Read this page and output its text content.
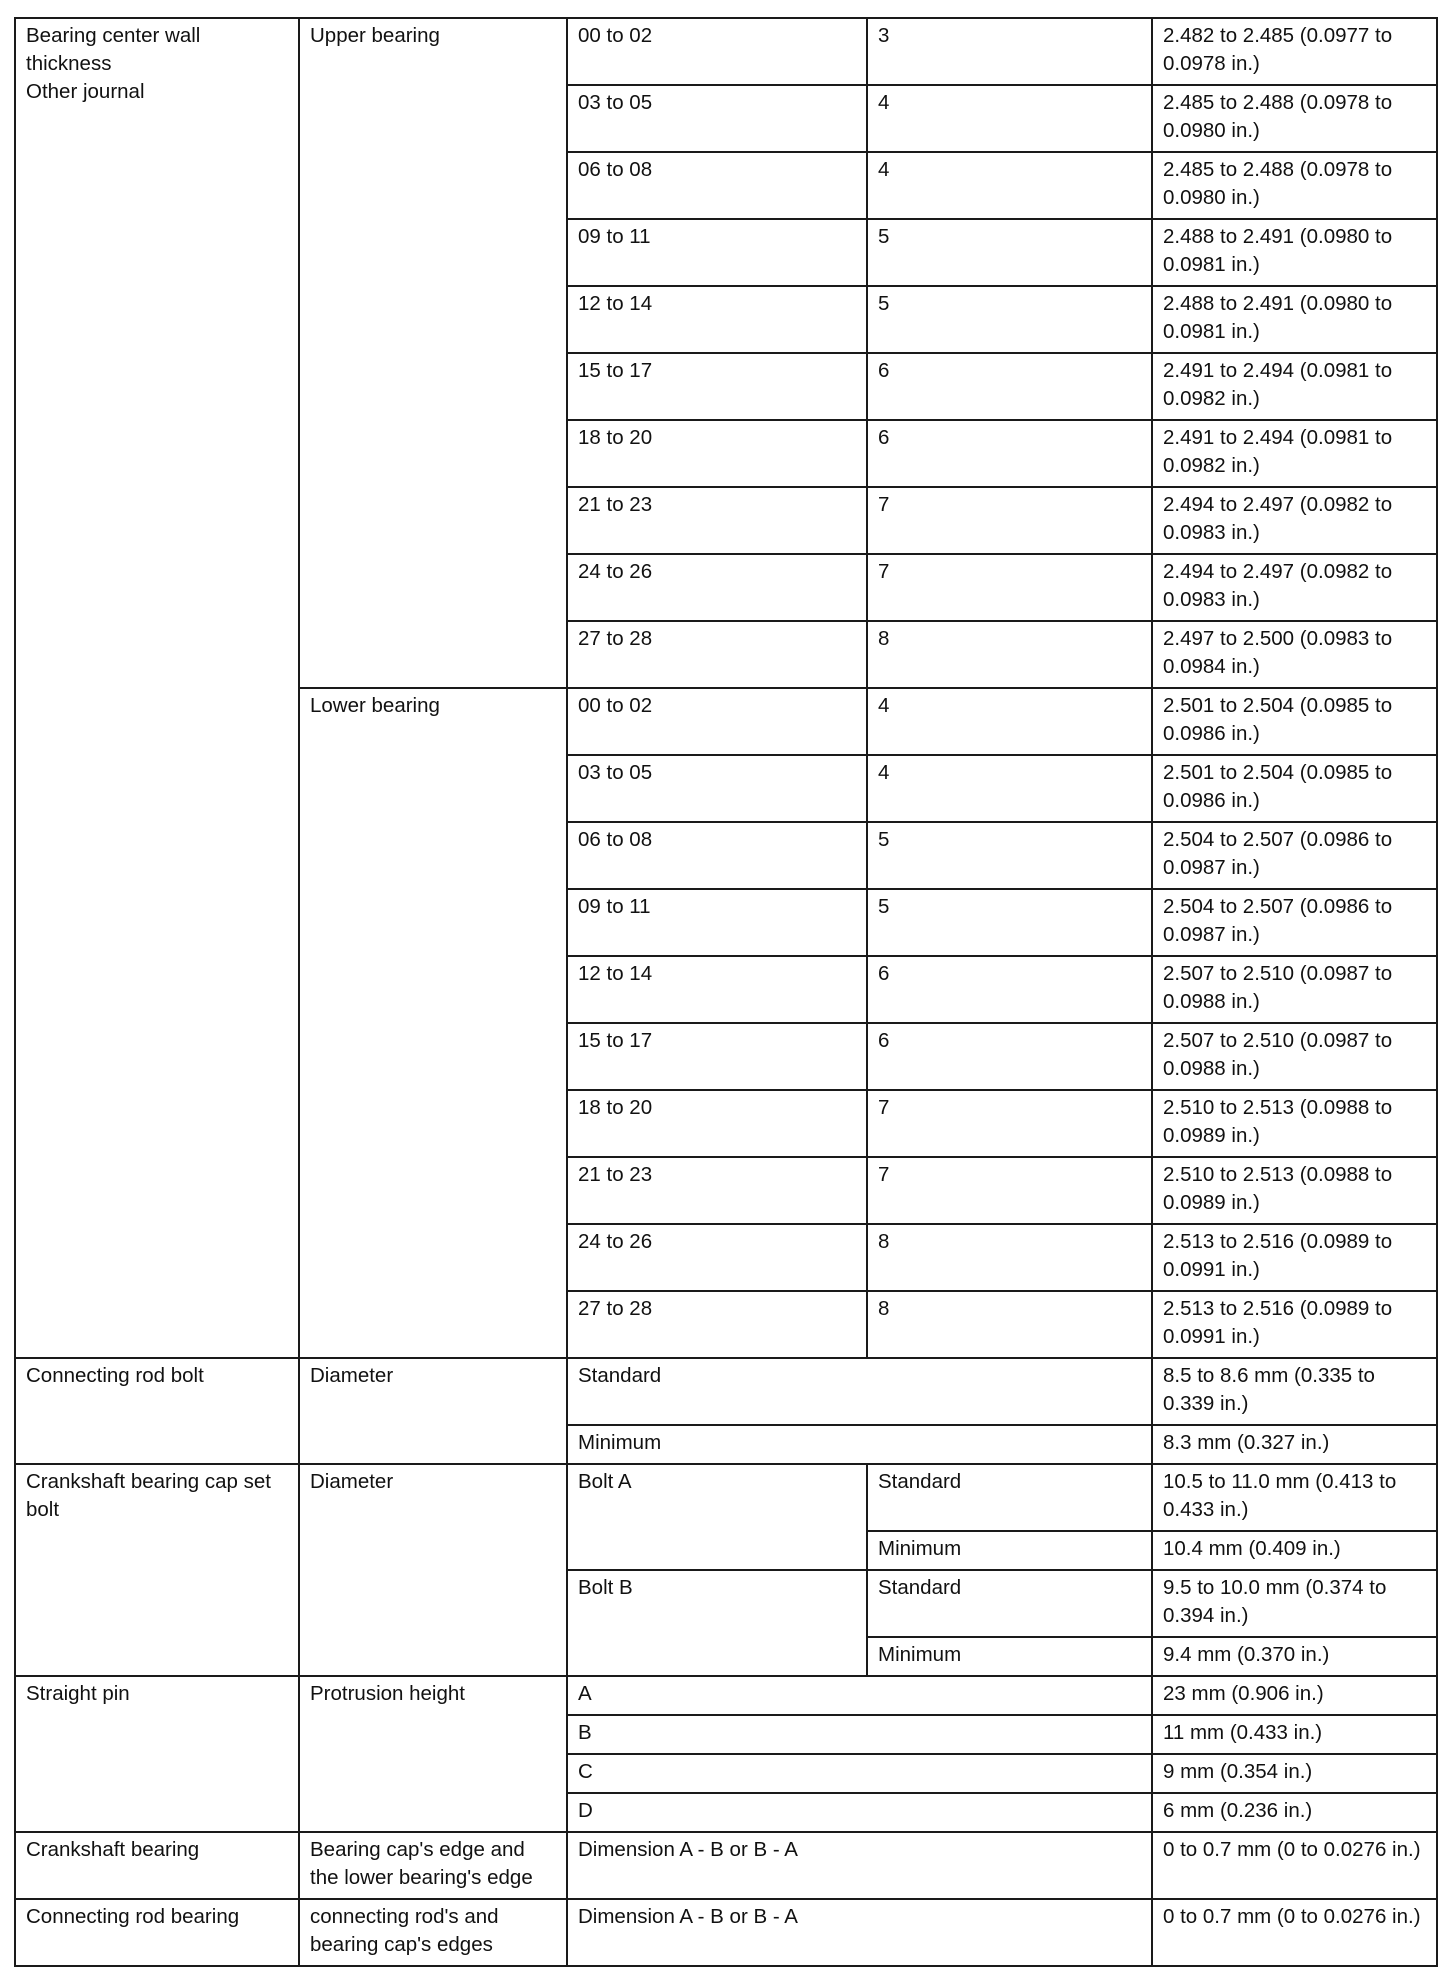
Bearing center wall thickness
Other journal	Upper bearing	00 to 02	3	2.482 to 2.485 (0.0977 to 0.0978 in.)
		03 to 05	4	2.485 to 2.488 (0.0978 to 0.0980 in.)
		06 to 08	4	2.485 to 2.488 (0.0978 to 0.0980 in.)
		09 to 11	5	2.488 to 2.491 (0.0980 to 0.0981 in.)
		12 to 14	5	2.488 to 2.491 (0.0980 to 0.0981 in.)
		15 to 17	6	2.491 to 2.494 (0.0981 to 0.0982 in.)
		18 to 20	6	2.491 to 2.494 (0.0981 to 0.0982 in.)
		21 to 23	7	2.494 to 2.497 (0.0982 to 0.0983 in.)
		24 to 26	7	2.494 to 2.497 (0.0982 to 0.0983 in.)
		27 to 28	8	2.497 to 2.500 (0.0983 to 0.0984 in.)
	Lower bearing	00 to 02	4	2.501 to 2.504 (0.0985 to 0.0986 in.)
		03 to 05	4	2.501 to 2.504 (0.0985 to 0.0986 in.)
		06 to 08	5	2.504 to 2.507 (0.0986 to 0.0987 in.)
		09 to 11	5	2.504 to 2.507 (0.0986 to 0.0987 in.)
		12 to 14	6	2.507 to 2.510 (0.0987 to 0.0988 in.)
		15 to 17	6	2.507 to 2.510 (0.0987 to 0.0988 in.)
		18 to 20	7	2.510 to 2.513 (0.0988 to 0.0989 in.)
		21 to 23	7	2.510 to 2.513 (0.0988 to 0.0989 in.)
		24 to 26	8	2.513 to 2.516 (0.0989 to 0.0991 in.)
		27 to 28	8	2.513 to 2.516 (0.0989 to 0.0991 in.)
Connecting rod bolt	Diameter	Standard		8.5 to 8.6 mm (0.335 to 0.339 in.)
		Minimum		8.3 mm (0.327 in.)
Crankshaft bearing cap set bolt	Diameter	Bolt A	Standard	10.5 to 11.0 mm (0.413 to 0.433 in.)
			Minimum	10.4 mm (0.409 in.)
		Bolt B	Standard	9.5 to 10.0 mm (0.374 to 0.394 in.)
			Minimum	9.4 mm (0.370 in.)
Straight pin	Protrusion height	A		23 mm (0.906 in.)
		B		11 mm (0.433 in.)
		C		9 mm (0.354 in.)
		D		6 mm (0.236 in.)
Crankshaft bearing	Bearing cap's edge and the lower bearing's edge	Dimension A - B or B - A		0 to 0.7 mm (0 to 0.0276 in.)
Connecting rod bearing	connecting rod's and bearing cap's edges	Dimension A - B or B - A		0 to 0.7 mm (0 to 0.0276 in.)
